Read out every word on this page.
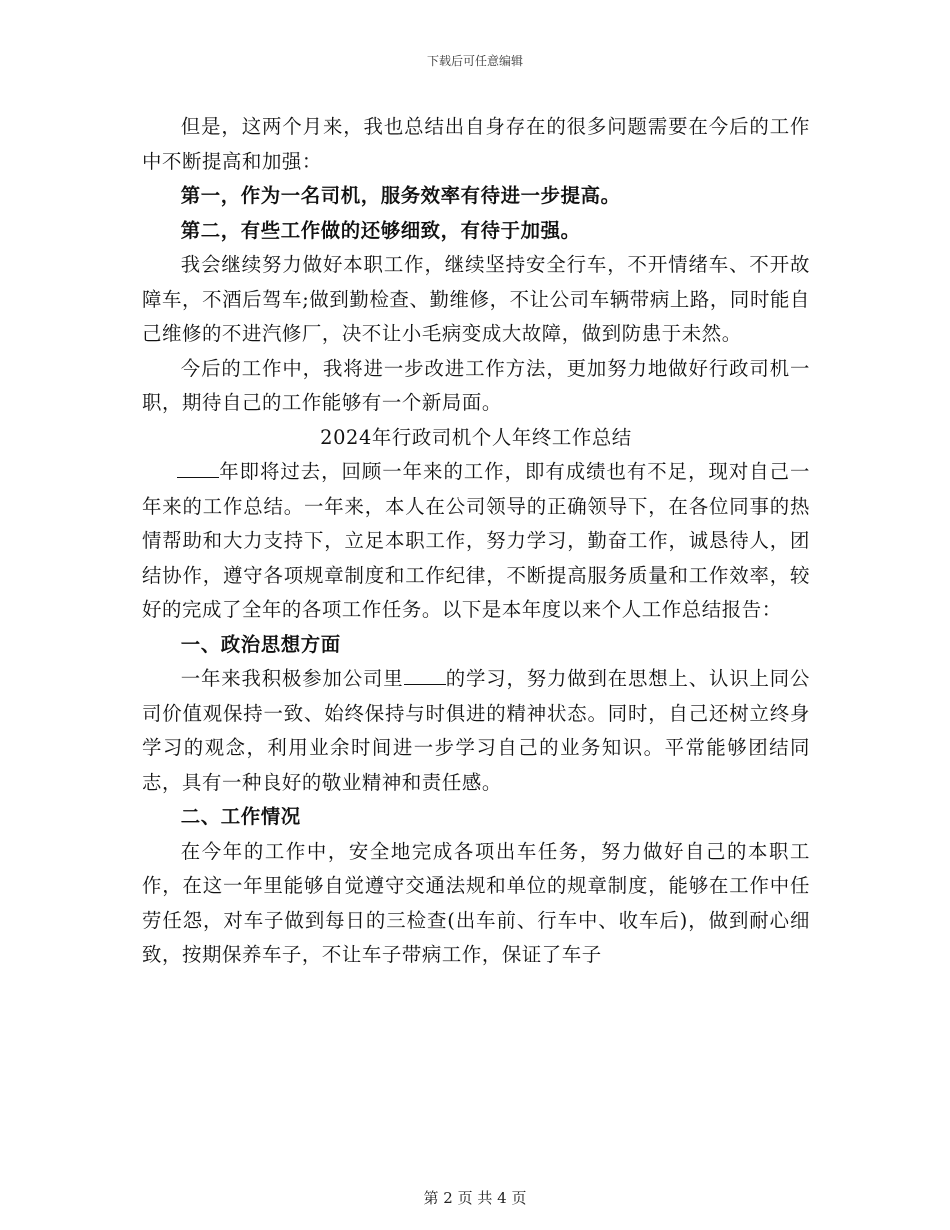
下载后可任意编辑

但是，这两个月来，我也总结出自身存在的很多问题需要在今后的工作中不断提高和加强：

第一，作为一名司机，服务效率有待进一步提高。

第二，有些工作做的还够细致，有待于加强。

我会继续努力做好本职工作，继续坚持安全行车，不开情绪车、不开故障车，不酒后驾车;做到勤检查、勤维修，不让公司车辆带病上路，同时能自己维修的不进汽修厂，决不让小毛病变成大故障，做到防患于未然。

今后的工作中，我将进一步改进工作方法，更加努力地做好行政司机一职，期待自己的工作能够有一个新局面。

2024年行政司机个人年终工作总结

年即将过去，回顾一年来的工作，即有成绩也有不足，现对自己一年来的工作总结。一年来，本人在公司领导的正确领导下，在各位同事的热情帮助和大力支持下，立足本职工作，努力学习，勤奋工作，诚恳待人，团结协作，遵守各项规章制度和工作纪律，不断提高服务质量和工作效率，较好的完成了全年的各项工作任务。以下是本年度以来个人工作总结报告：

一、政治思想方面

一年来我积极参加公司里 的学习，努力做到在思想上、认识上同公司价值观保持一致、始终保持与时俱进的精神状态。同时，自己还树立终身学习的观念，利用业余时间进一步学习自己的业务知识。平常能够团结同志，具有一种良好的敬业精神和责任感。

二、工作情况

在今年的工作中，安全地完成各项出车任务，努力做好自己的本职工作，在这一年里能够自觉遵守交通法规和单位的规章制度，能够在工作中任劳任怨，对车子做到每日的三检查(出车前、行车中、收车后)，做到耐心细致，按期保养车子，不让车子带病工作，保证了车子

第 2 页 共 4 页
